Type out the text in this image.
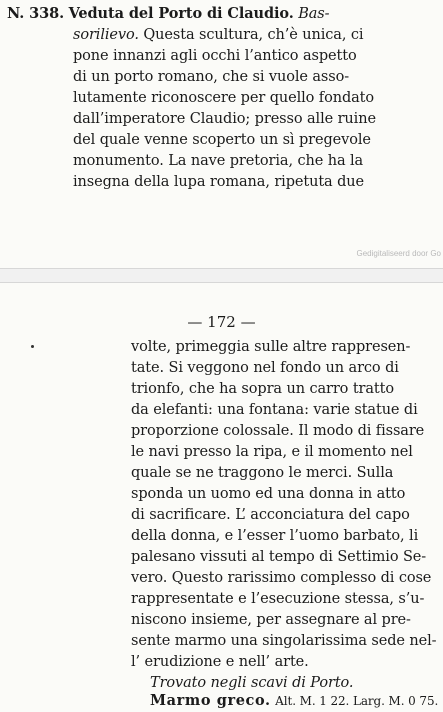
N. 338. Veduta del Porto di Claudio. Bas-
sorilievo. Questa scultura, ch’è unica, ci
pone innanzi agli occhi l’antico aspetto
di un porto romano, che si vuole asso-
lutamente riconoscere per quello fondato
dall’imperatore Claudio; presso alle ruine
del quale venne scoperto un sì pregevole
monumento. La nave pretoria, che ha la
insegna della lupa romana, ripetuta due
Gedigitaliseerd door Go
— 172 —
volte, primeggia sulle altre rappresen-
tate. Si veggono nel fondo un arco di
trionfo, che ha sopra un carro tratto
da elefanti: una fontana: varie statue di
proporzione colossale. Il modo di fissare
le navi presso la ripa, e il momento nel
quale se ne traggono le merci. Sulla
sponda un uomo ed una donna in atto
di sacrificare. L’ acconciatura del capo
della donna, e l’esser l’uomo barbato, li
palesano vissuti al tempo di Settimio Se-
vero. Questo rarissimo complesso di cose
rappresentate e l’esecuzione stessa, s’u-
niscono insieme, per assegnare al pre-
sente marmo una singolarissima sede nel-
l’ erudizione e nell’ arte.
Trovato negli scavi di Porto.
Marmo greco. Alt. M. 1 22. Larg. M. 0 75.
